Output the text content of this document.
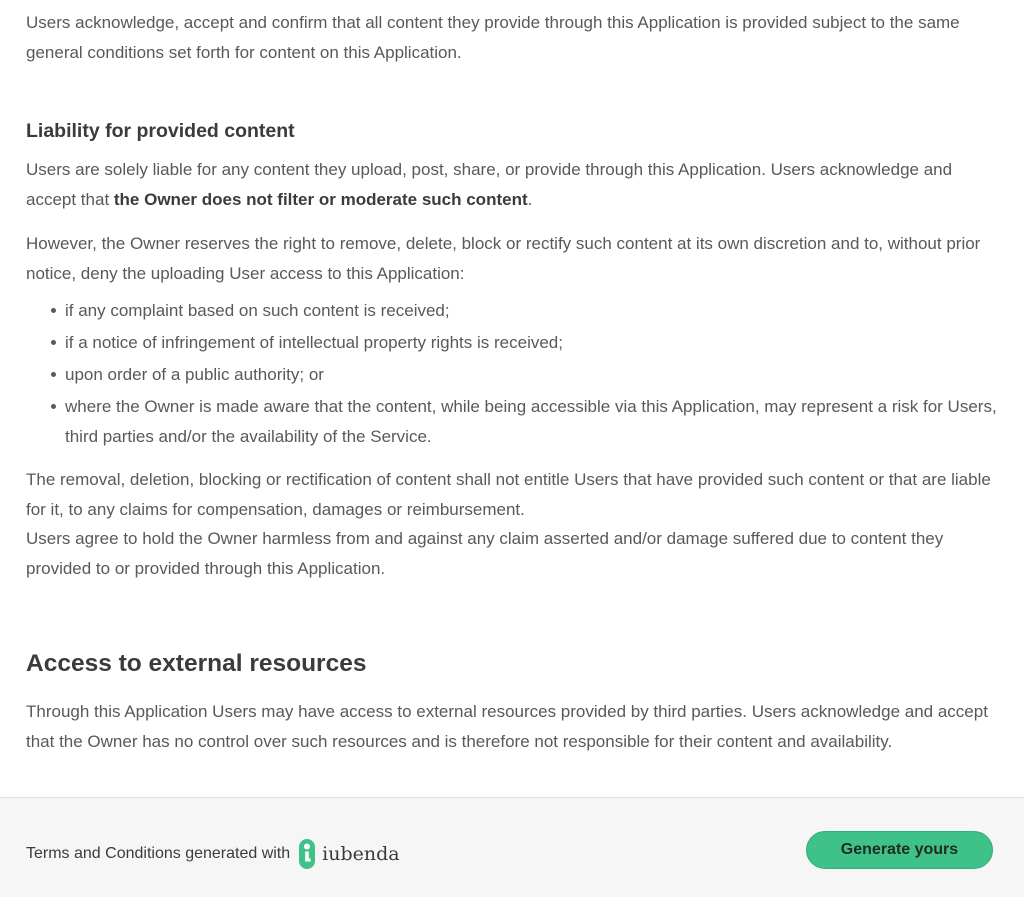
Users acknowledge, accept and confirm that all content they provide through this Application is provided subject to the same general conditions set forth for content on this Application.

Liability for provided content

Users are solely liable for any content they upload, post, share, or provide through this Application. Users acknowledge and accept that the Owner does not filter or moderate such content.

However, the Owner reserves the right to remove, delete, block or rectify such content at its own discretion and to, without prior notice, deny the uploading User access to this Application:

if any complaint based on such content is received;
if a notice of infringement of intellectual property rights is received;
upon order of a public authority; or
where the Owner is made aware that the content, while being accessible via this Application, may represent a risk for Users, third parties and/or the availability of the Service.

The removal, deletion, blocking or rectification of content shall not entitle Users that have provided such content or that are liable for it, to any claims for compensation, damages or reimbursement.
Users agree to hold the Owner harmless from and against any claim asserted and/or damage suffered due to content they provided to or provided through this Application.

Access to external resources

Through this Application Users may have access to external resources provided by third parties. Users acknowledge and accept that the Owner has no control over such resources and is therefore not responsible for their content and availability.

Terms and Conditions generated with iubenda	Generate yours
